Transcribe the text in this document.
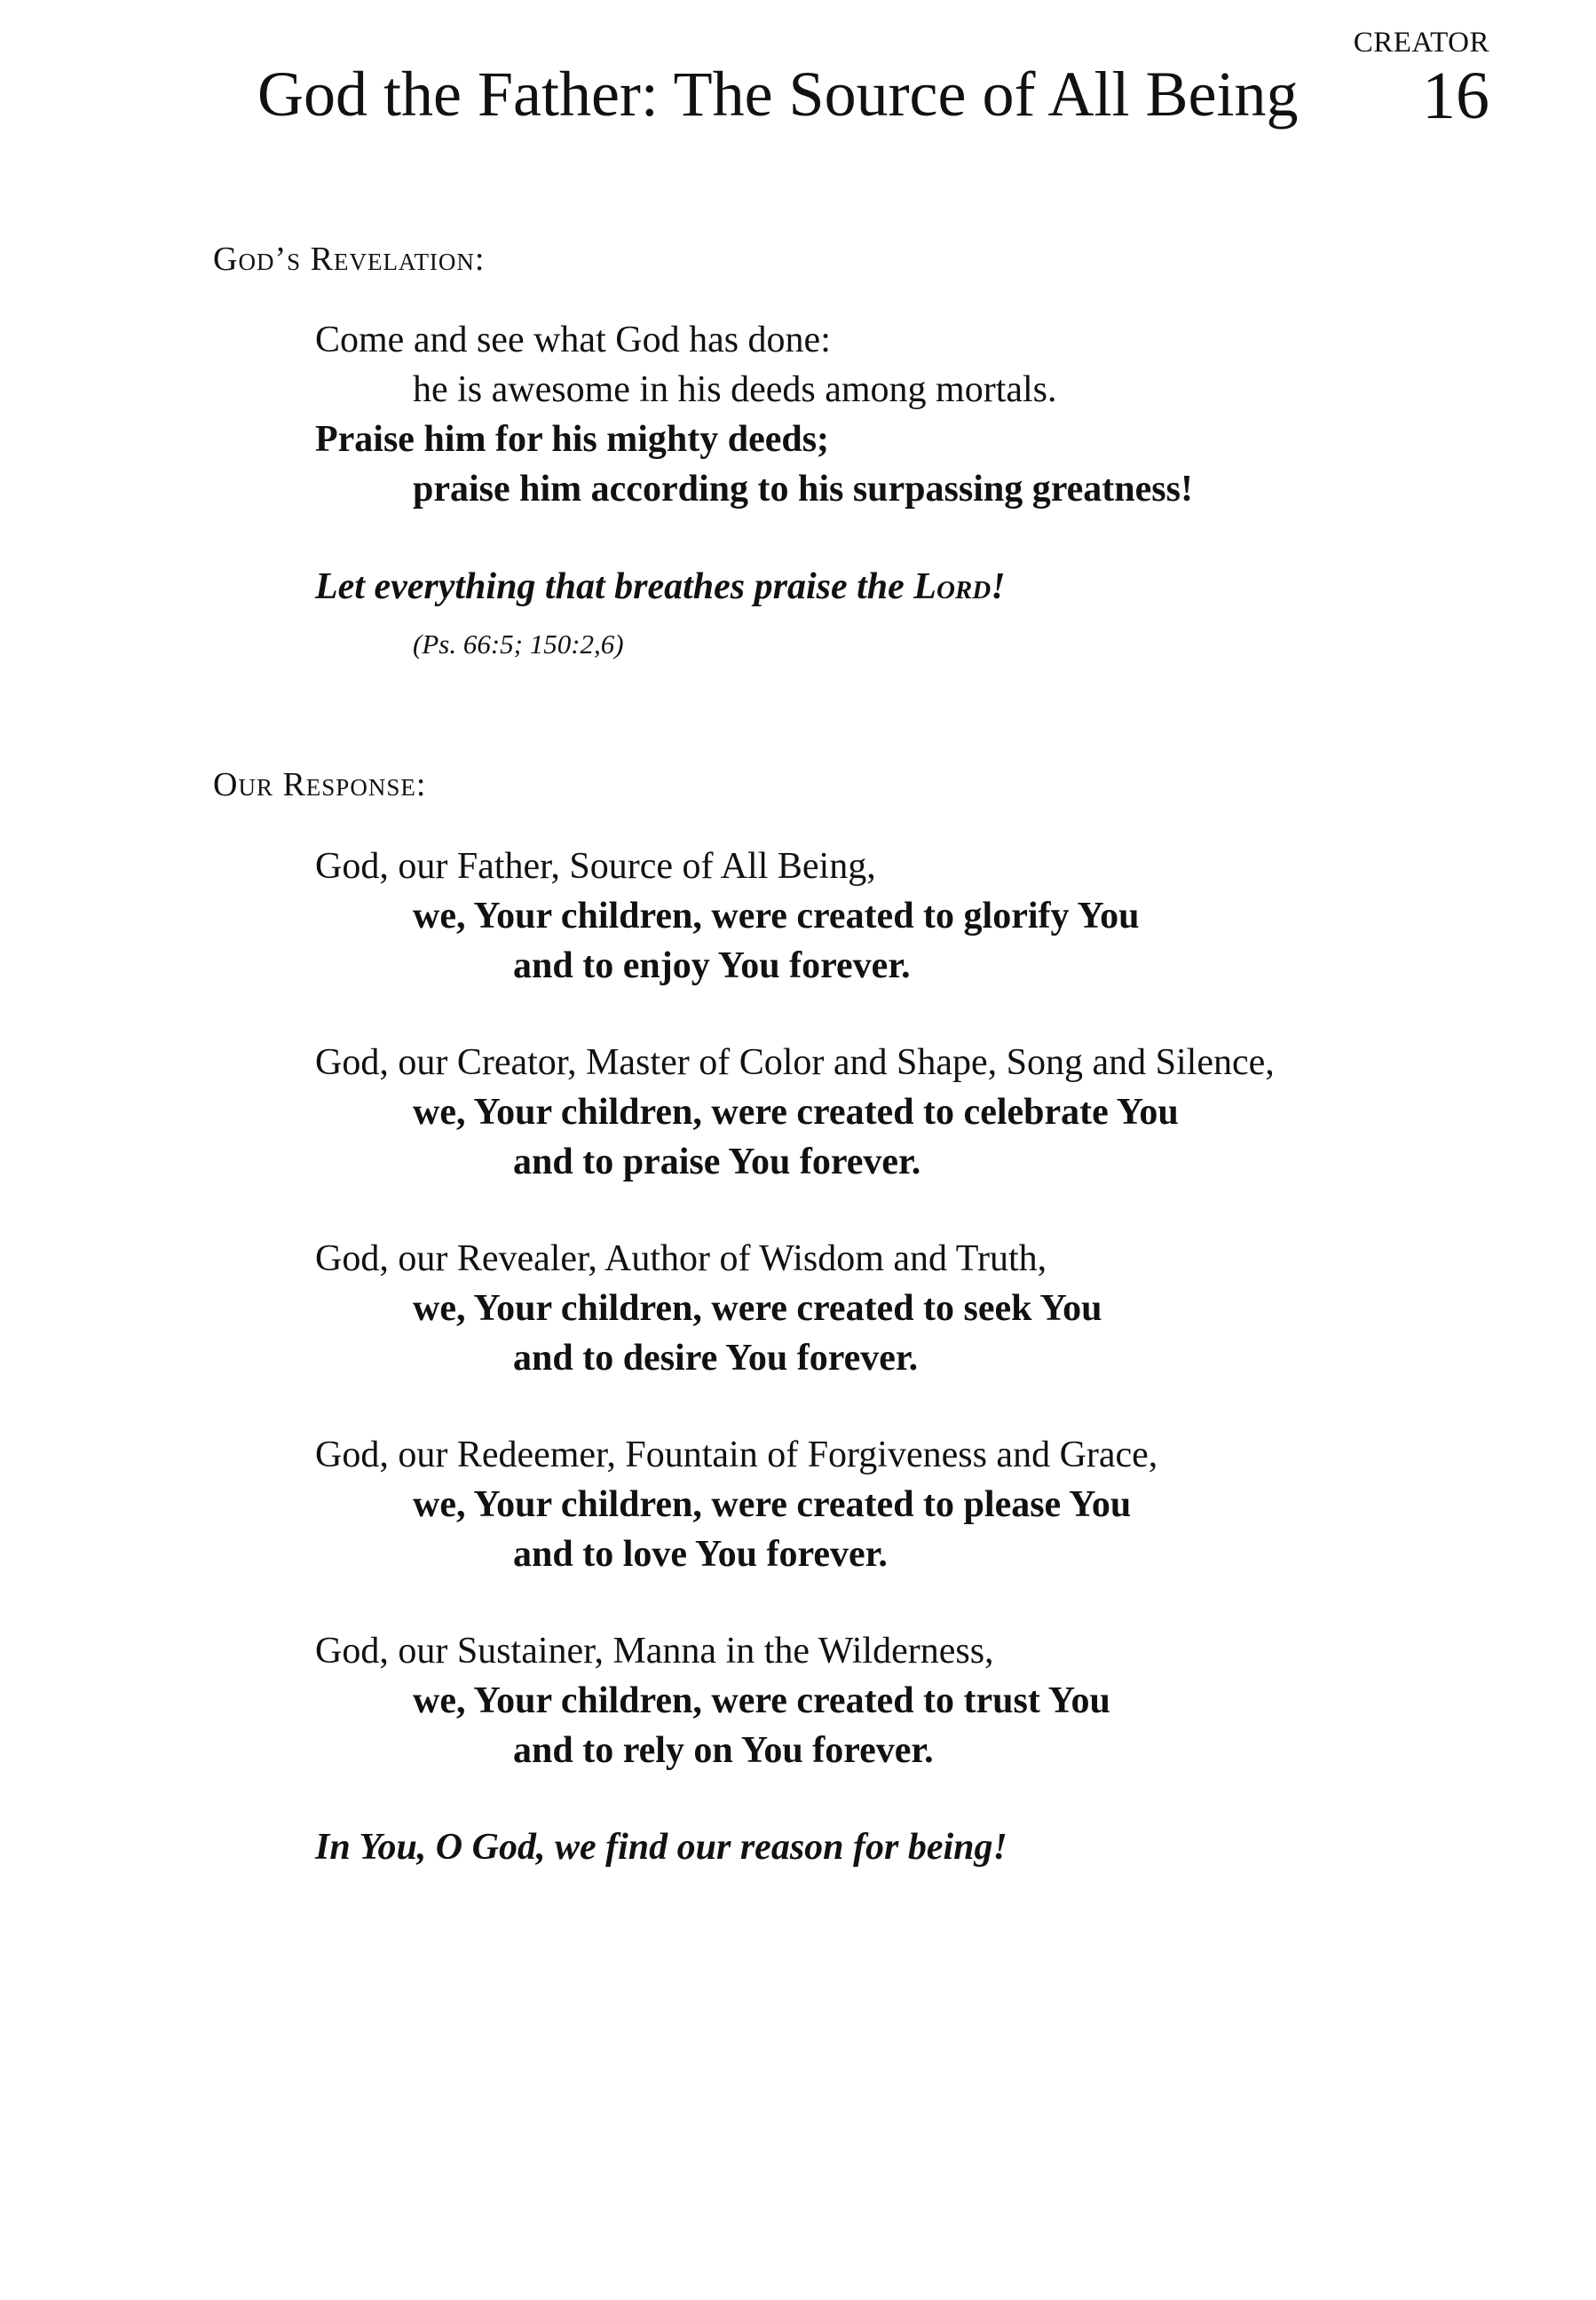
CREATOR
God the Father: The Source of All Being 16
God’s Revelation:
Come and see what God has done:
he is awesome in his deeds among mortals.
Praise him for his mighty deeds;
praise him according to his surpassing greatness!
Let everything that breathes praise the Lord!
(Ps. 66:5; 150:2,6)
Our Response:
God, our Father, Source of All Being,
we, Your children, were created to glorify You
and to enjoy You forever.
God, our Creator, Master of Color and Shape, Song and Silence,
we, Your children, were created to celebrate You
and to praise You forever.
God, our Revealer, Author of Wisdom and Truth,
we, Your children, were created to seek You
and to desire You forever.
God, our Redeemer, Fountain of Forgiveness and Grace,
we, Your children, were created to please You
and to love You forever.
God, our Sustainer, Manna in the Wilderness,
we, Your children, were created to trust You
and to rely on You forever.
In You, O God, we find our reason for being!
